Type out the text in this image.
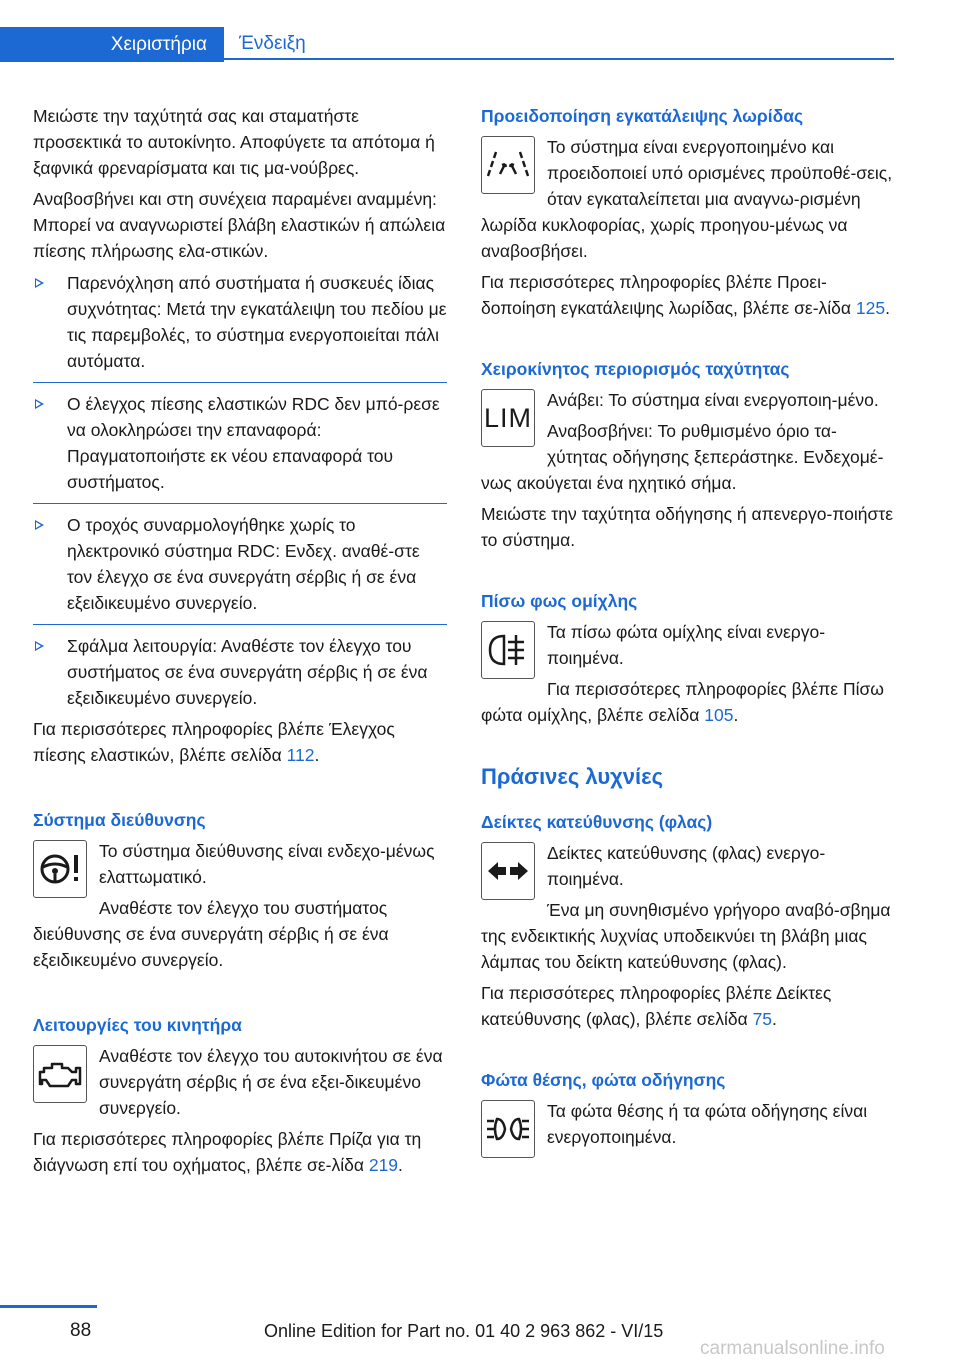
Χειριστήρια	Ένδειξη

Μειώστε την ταχύτητά σας και σταματήστε προσεκτικά το αυτοκίνητο. Αποφύγετε τα απότομα ή ξαφνικά φρεναρίσματα και τις μα‐νούβρες.

Αναβοσβήνει και στη συνέχεια παραμένει αναμμένη: Μπορεί να αναγνωριστεί βλάβη ελαστικών ή απώλεια πίεσης πλήρωσης ελα‐στικών.

Παρενόχληση από συστήματα ή συσκευές ίδιας συχνότητας: Μετά την εγκατάλειψη του πεδίου με τις παρεμβολές, το σύστημα ενεργοποιείται πάλι αυτόματα.
Ο έλεγχος πίεσης ελαστικών RDC δεν μπό‐ρεσε να ολοκληρώσει την επαναφορά: Πραγματοποιήστε εκ νέου επαναφορά του συστήματος.
Ο τροχός συναρμολογήθηκε χωρίς το ηλεκτρονικό σύστημα RDC: Ενδεχ. αναθέ‐στε τον έλεγχο σε ένα συνεργάτη σέρβις ή σε ένα εξειδικευμένο συνεργείο.
Σφάλμα λειτουργία: Αναθέστε τον έλεγχο του συστήματος σε ένα συνεργάτη σέρβις ή σε ένα εξειδικευμένο συνεργείο.

Για περισσότερες πληροφορίες βλέπε Έλεγχος πίεσης ελαστικών, βλέπε σελίδα 112.

Σύστημα διεύθυνσης

Το σύστημα διεύθυνσης είναι ενδεχο‐μένως ελαττωματικό.

Αναθέστε τον έλεγχο του συστήματος διεύθυνσης σε ένα συνεργάτη σέρβις ή σε ένα εξειδικευμένο συνεργείο.

Λειτουργίες του κινητήρα

Αναθέστε τον έλεγχο του αυτοκινήτου σε ένα συνεργάτη σέρβις ή σε ένα εξει‐δικευμένο συνεργείο.

Για περισσότερες πληροφορίες βλέπε Πρίζα για τη διάγνωση επί του οχήματος, βλέπε σε‐λίδα 219.

Προειδοποίηση εγκατάλειψης λωρίδας

Το σύστημα είναι ενεργοποιημένο και προειδοποιεί υπό ορισμένες προϋποθέ‐σεις, όταν εγκαταλείπεται μια αναγνω‐ρισμένη λωρίδα κυκλοφορίας, χωρίς προηγου‐μένως να αναβοσβήσει.

Για περισσότερες πληροφορίες βλέπε Προει‐δοποίηση εγκατάλειψης λωρίδας, βλέπε σε‐λίδα 125.

Χειροκίνητος περιορισμός ταχύτητας
LIM

Ανάβει: Το σύστημα είναι ενεργοποιη‐μένο.

Αναβοσβήνει: Το ρυθμισμένο όριο τα‐χύτητας οδήγησης ξεπεράστηκε. Ενδεχομέ‐νως ακούγεται ένα ηχητικό σήμα.

Μειώστε την ταχύτητα οδήγησης ή απενεργο‐ποιήστε το σύστημα.

Πίσω φως ομίχλης

Τα πίσω φώτα ομίχλης είναι ενεργο‐ποιημένα.

Για περισσότερες πληροφορίες βλέπε Πίσω φώτα ομίχλης, βλέπε σελίδα 105.

Πράσινες λυχνίες
Δείκτες κατεύθυνσης (φλας)

Δείκτες κατεύθυνσης (φλας) ενεργο‐ποιημένα.

Ένα μη συνηθισμένο γρήγορο αναβό‐σβημα της ενδεικτικής λυχνίας υποδεικνύει τη βλάβη μιας λάμπας του δείκτη κατεύθυνσης (φλας).

Για περισσότερες πληροφορίες βλέπε Δείκτες κατεύθυνσης (φλας), βλέπε σελίδα 75.

Φώτα θέσης, φώτα οδήγησης

Τα φώτα θέσης ή τα φώτα οδήγησης είναι ενεργοποιημένα.

88	Online Edition for Part no. 01 40 2 963 862 - VI/15
carmanualsonline.info
